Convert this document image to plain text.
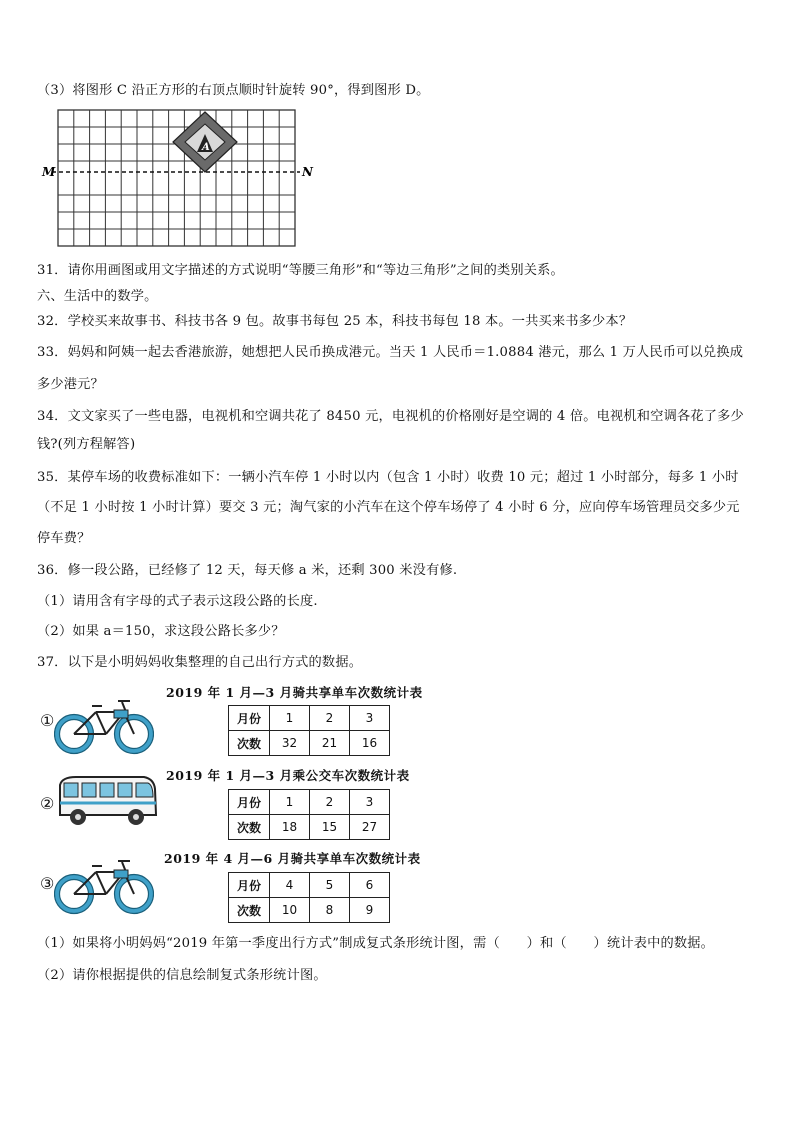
（3）将图形 C 沿正方形的右顶点顺时针旋转 90°，得到图形 D。
A
M	N
31．请你用画图或用文字描述的方式说明“等腰三角形”和“等边三角形”之间的类别关系。
六、生活中的数学。
32．学校买来故事书、科技书各 9 包。故事书每包 25 本，科技书每包 18 本。一共买来书多少本？
33．妈妈和阿姨一起去香港旅游，她想把人民币换成港元。当天 1 人民币＝1.0884 港元，那么 1 万人民币可以兑换成
多少港元？
34．文文家买了一些电器，电视机和空调共花了 8450 元，电视机的价格刚好是空调的 4 倍。电视机和空调各花了多少
钱?(列方程解答)
35．某停车场的收费标准如下：一辆小汽车停 1 小时以内（包含 1 小时）收费 10 元；超过 1 小时部分，每多 1 小时
（不足 1 小时按 1 小时计算）要交 3 元；淘气家的小汽车在这个停车场停了 4 小时 6 分，应向停车场管理员交多少元
停车费？
36．修一段公路，已经修了 12 天，每天修 a 米，还剩 300 米没有修.
（1）请用含有字母的式子表示这段公路的长度.
（2）如果 a＝150，求这段公路长多少？
37．以下是小明妈妈收集整理的自己出行方式的数据。
①
2019 年 1 月—3 月骑共享单车次数统计表
月份	1	2	3
次数	32	21	16
②
2019 年 1 月—3 月乘公交车次数统计表
月份	1	2	3
次数	18	15	27
③
2019 年 4 月—6 月骑共享单车次数统计表
月份	4	5	6
次数	10	8	9
（1）如果将小明妈妈“2019 年第一季度出行方式”制成复式条形统计图，需（　　）和（　　）统计表中的数据。
（2）请你根据提供的信息绘制复式条形统计图。
